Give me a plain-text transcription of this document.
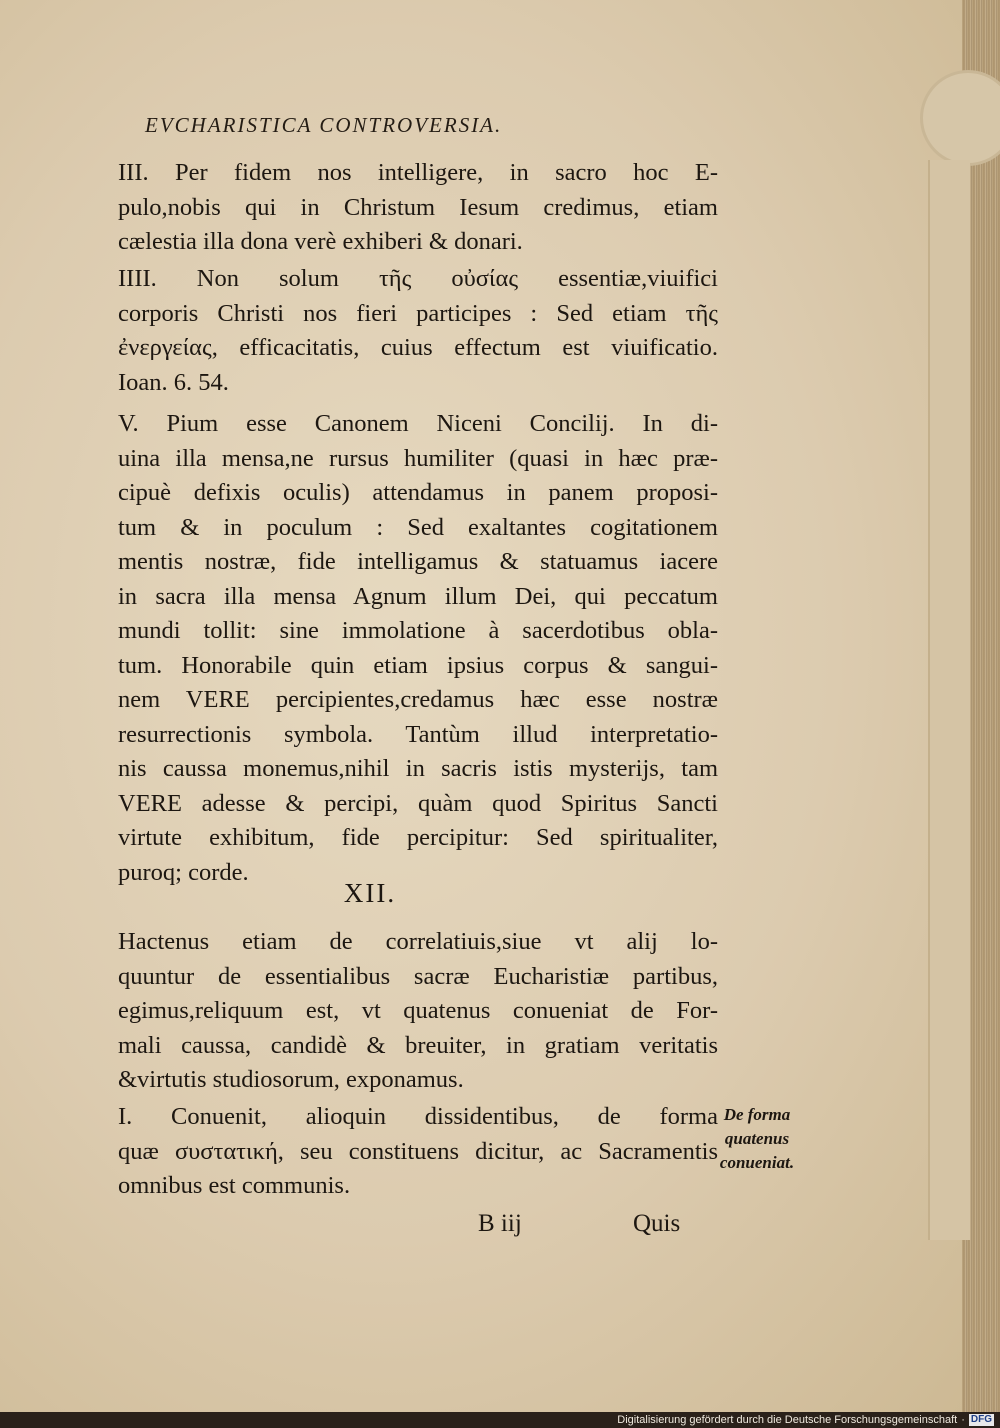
EVCHARISTICA CONTROVERSIA.
III. Per fidem nos intelligere, in sacro hoc E-
pulo,nobis qui in Christum Iesum credimus, etiam
cælestia illa dona verè exhiberi & donari.
IIII. Non solum τῆς οὐσίας essentiæ,viuifici
corporis Christi nos fieri participes : Sed etiam τῆς
ἐνεργείας, efficacitatis, cuius effectum est viuificatio.
Ioan. 6. 54.
V. Pium esse Canonem Niceni Concilij. In di-
uina illa mensa,ne rursus humiliter (quasi in hæc præ-
cipuè defixis oculis) attendamus in panem proposi-
tum & in poculum : Sed exaltantes cogitationem
mentis nostræ, fide intelligamus & statuamus iacere
in sacra illa mensa Agnum illum Dei, qui peccatum
mundi tollit: sine immolatione à sacerdotibus obla-
tum. Honorabile quin etiam ipsius corpus & sangui-
nem VERE percipientes,credamus hæc esse nostræ
resurrectionis symbola. Tantùm illud interpretatio-
nis caussa monemus,nihil in sacris istis mysterijs, tam
VERE adesse & percipi, quàm quod Spiritus Sancti
virtute exhibitum, fide percipitur: Sed spiritualiter,
puroq; corde.
XII.
Hactenus etiam de correlatiuis,siue vt alij lo-
quuntur de essentialibus sacræ Eucharistiæ partibus,
egimus,reliquum est, vt quatenus conueniat de For-
mali caussa, candidè & breuiter, in gratiam veritatis
&virtutis studiosorum, exponamus.
I. Conuenit, alioquin dissidentibus, de forma
quæ συστατική, seu constituens dicitur, ac Sacramentis
omnibus est communis.
De forma
quatenus
conueniat.
B iij	Quis
Digitalisierung gefördert durch die Deutsche Forschungsgemeinschaft · DFG
